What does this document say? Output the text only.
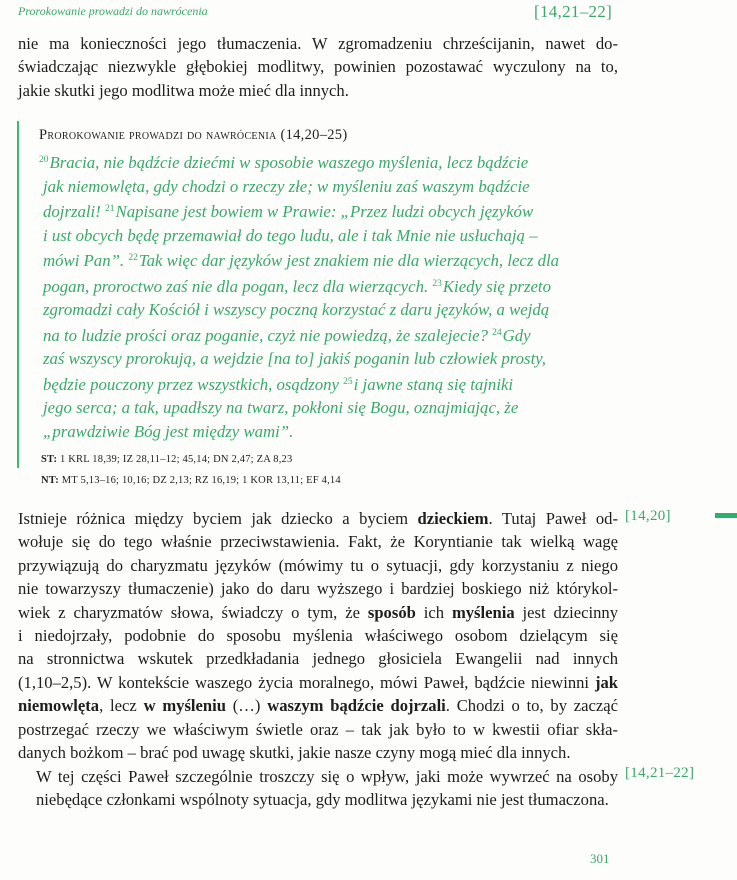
Prorokowanie prowadzi do nawrócenia	[14,21–22]
nie ma konieczności jego tłumaczenia. W zgromadzeniu chrześcijanin, nawet do-
świadczając niezwykle głębokiej modlitwy, powinien pozostawać wyczulony na to,
jakie skutki jego modlitwa może mieć dla innych.
Prorokowanie prowadzi do nawrócenia (14,20–25)
$^{20}$Bracia, nie bądźcie dziećmi w sposobie waszego myślenia, lecz bądźcie
jak niemowlęta, gdy chodzi o rzeczy złe; w myśleniu zaś waszym bądźcie
dojrzali! $^{21}$Napisane jest bowiem w Prawie: „Przez ludzi obcych języków
i ust obcych będę przemawiał do tego ludu, ale i tak Mnie nie usłuchają –
mówi Pan”. $^{22}$Tak więc dar języków jest znakiem nie dla wierzących, lecz dla
pogan, proroctwo zaś nie dla pogan, lecz dla wierzących. $^{23}$Kiedy się przeto
zgromadzi cały Kościół i wszyscy poczną korzystać z daru języków, a wejdą
na to ludzie prości oraz poganie, czyż nie powiedzą, że szalejecie? $^{24}$Gdy
zaś wszyscy prorokują, a wejdzie [na to] jakiś poganin lub człowiek prosty,
będzie pouczony przez wszystkich, osądzony $^{25}$i jawne staną się tajniki
jego serca; a tak, upadłszy na twarz, pokłoni się Bogu, oznajmiając, że
„prawdziwie Bóg jest między wami”.
ST: 1 KRL 18,39; IZ 28,11–12; 45,14; DN 2,47; ZA 8,23
NT: MT 5,13–16; 10,16; DZ 2,13; RZ 16,19; 1 KOR 13,11; EF 4,14
Istnieje różnica między byciem jak dziecko a byciem dzieckiem. Tutaj Paweł od-
wołuje się do tego właśnie przeciwstawienia. Fakt, że Koryntianie tak wielką wagę
przywiązują do charyzmatu języków (mówimy tu o sytuacji, gdy korzystaniu z niego
nie towarzyszy tłumaczenie) jako do daru wyższego i bardziej boskiego niż którykol-
wiek z charyzmatów słowa, świadczy o tym, że sposób ich myślenia jest dziecinny
i niedojrzały, podobnie do sposobu myślenia właściwego osobom dzielącym się
na stronnictwa wskutek przedkładania jednego głosiciela Ewangelii nad innych
(1,10–2,5). W kontekście waszego życia moralnego, mówi Paweł, bądźcie niewinni jak
niemowlęta, lecz w myśleniu (…) waszym bądźcie dojrzali. Chodzi o to, by zacząć
postrzegać rzeczy we właściwym świetle oraz – tak jak było to w kwestii ofiar skła-
danych bożkom – brać pod uwagę skutki, jakie nasze czyny mogą mieć dla innych.
[14,20]
W tej części Paweł szczególnie troszczy się o wpływ, jaki może wywrzeć na osoby
niebędące członkami wspólnoty sytuacja, gdy modlitwa językami nie jest tłumaczona.
[14,21–22]
301
